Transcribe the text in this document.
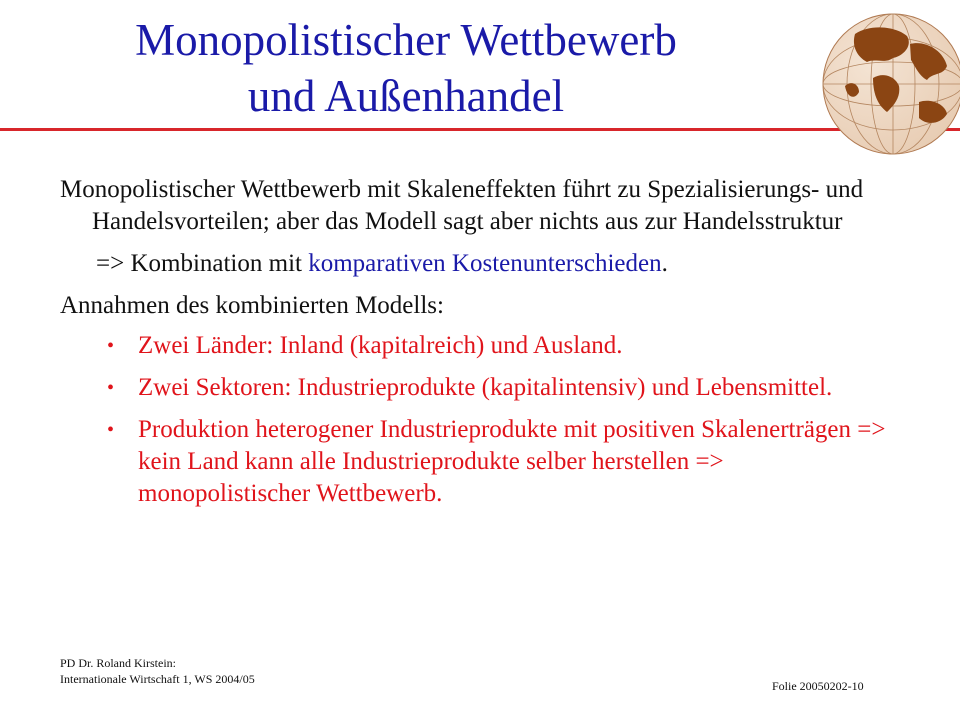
Monopolistischer Wettbewerb
und Außenhandel
Monopolistischer Wettbewerb mit Skaleneffekten führt zu Spezialisierungs- und Handelsvorteilen; aber das Modell sagt aber nichts aus zur Handelsstruktur
=> Kombination mit komparativen Kostenunterschieden.
Annahmen des kombinierten Modells:
• Zwei Länder: Inland (kapitalreich) und Ausland.
• Zwei Sektoren: Industrieprodukte (kapitalintensiv) und Lebensmittel.
• Produktion heterogener Industrieprodukte mit positiven Skalenerträgen => kein Land kann alle Industrieprodukte selber herstellen => monopolistischer Wettbewerb.
PD Dr. Roland Kirstein:
Internationale Wirtschaft 1, WS 2004/05	Folie 20050202-10
